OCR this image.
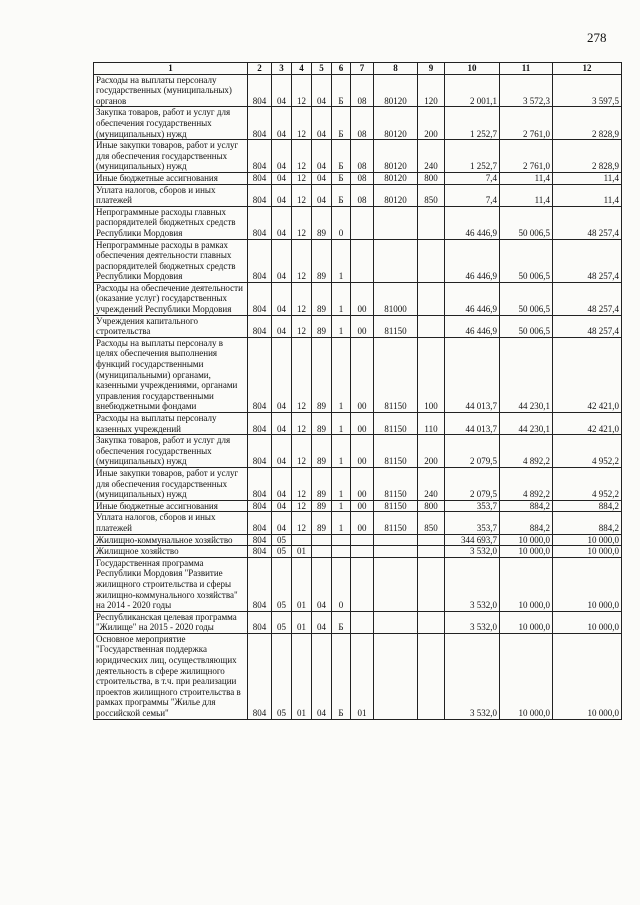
278
1	2	3	4	5	6	7	8	9	10	11	12
Расходы на выплаты персоналу государственных (муниципальных) органов	804	04	12	04	Б	08	80120	120	2 001,1	3 572,3	3 597,5
Закупка товаров, работ и услуг для обеспечения государственных (муниципальных) нужд	804	04	12	04	Б	08	80120	200	1 252,7	2 761,0	2 828,9
Иные закупки товаров, работ и услуг для обеспечения государственных (муниципальных) нужд	804	04	12	04	Б	08	80120	240	1 252,7	2 761,0	2 828,9
Иные бюджетные ассигнования	804	04	12	04	Б	08	80120	800	7,4	11,4	11,4
Уплата налогов, сборов и иных платежей	804	04	12	04	Б	08	80120	850	7,4	11,4	11,4
Непрограммные расходы главных распорядителей бюджетных средств Республики Мордовия	804	04	12	89	0				46 446,9	50 006,5	48 257,4
Непрограммные расходы в рамках обеспечения деятельности главных распорядителей бюджетных средств Республики Мордовия	804	04	12	89	1				46 446,9	50 006,5	48 257,4
Расходы на обеспечение деятельности (оказание услуг) государственных учреждений Республики Мордовия	804	04	12	89	1	00	81000		46 446,9	50 006,5	48 257,4
Учреждения капитального строительства	804	04	12	89	1	00	81150		46 446,9	50 006,5	48 257,4
Расходы на выплаты персоналу в целях обеспечения выполнения функций государственными (муниципальными) органами, казенными учреждениями, органами управления государственными внебюджетными фондами	804	04	12	89	1	00	81150	100	44 013,7	44 230,1	42 421,0
Расходы на выплаты персоналу казенных учреждений	804	04	12	89	1	00	81150	110	44 013,7	44 230,1	42 421,0
Закупка товаров, работ и услуг для обеспечения государственных (муниципальных) нужд	804	04	12	89	1	00	81150	200	2 079,5	4 892,2	4 952,2
Иные закупки товаров, работ и услуг для обеспечения государственных (муниципальных) нужд	804	04	12	89	1	00	81150	240	2 079,5	4 892,2	4 952,2
Иные бюджетные ассигнования	804	04	12	89	1	00	81150	800	353,7	884,2	884,2
Уплата налогов, сборов и иных платежей	804	04	12	89	1	00	81150	850	353,7	884,2	884,2
Жилищно-коммунальное хозяйство	804	05							344 693,7	10 000,0	10 000,0
Жилищное хозяйство	804	05	01						3 532,0	10 000,0	10 000,0
Государственная программа Республики Мордовия "Развитие жилищного строительства и сферы жилищно-коммунального хозяйства" на 2014 - 2020 годы	804	05	01	04	0				3 532,0	10 000,0	10 000,0
Республиканская целевая программа "Жилище" на 2015 - 2020 годы	804	05	01	04	Б				3 532,0	10 000,0	10 000,0
Основное мероприятие "Государственная поддержка юридических лиц, осуществляющих деятельность в сфере жилищного строительства, в т.ч. при реализации проектов жилищного строительства в рамках программы "Жилье для российской семьи"	804	05	01	04	Б	01			3 532,0	10 000,0	10 000,0
